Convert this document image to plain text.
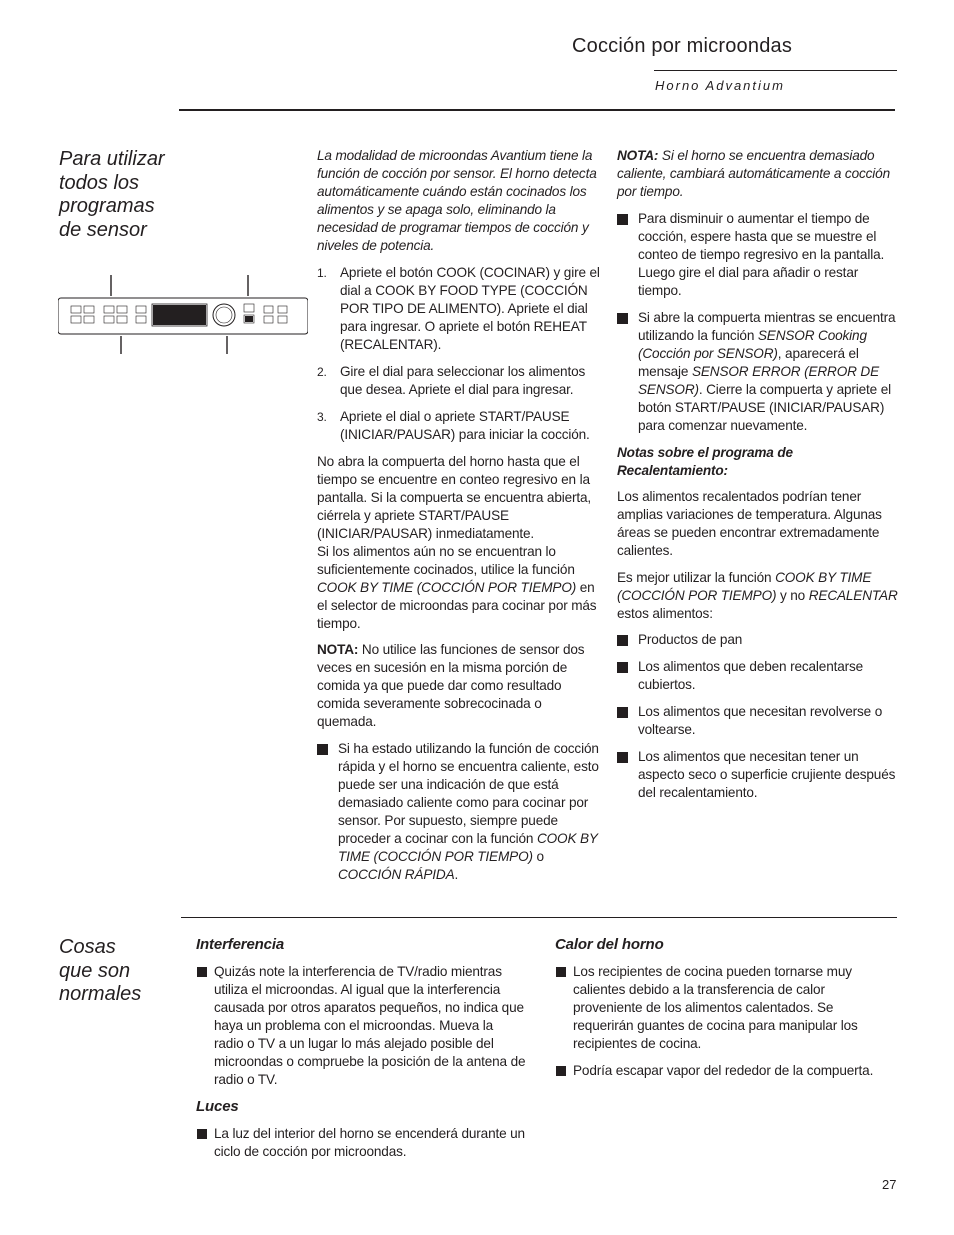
Cocción por microondas
Horno Advantium
Para utilizar
todos los
programas
de sensor

La modalidad de microondas Avantium tiene la función de cocción por sensor. El horno detecta automáticamente cuándo están cocinados los alimentos y se apaga solo, eliminando la necesidad de programar tiempos de cocción y niveles de potencia.

1. Apriete el botón COOK (COCINAR) y gire el dial a COOK BY FOOD TYPE (COCCIÓN POR TIPO DE ALIMENTO). Apriete el dial para ingresar. O apriete el botón REHEAT (RECALENTAR).
2. Gire el dial para seleccionar los alimentos que desea. Apriete el dial para ingresar.
3. Apriete el dial o apriete START/PAUSE (INICIAR/PAUSAR) para iniciar la cocción.

No abra la compuerta del horno hasta que el tiempo se encuentre en conteo regresivo en la pantalla. Si la compuerta se encuentra abierta, ciérrela y apriete START/PAUSE (INICIAR/PAUSAR) inmediatamente.
Si los alimentos aún no se encuentran lo suficientemente cocinados, utilice la función COOK BY TIME (COCCIÓN POR TIEMPO) en el selector de microondas para cocinar por más tiempo.

NOTA: No utilice las funciones de sensor dos veces en sucesión en la misma porción de comida ya que puede dar como resultado comida severamente sobrecocinada o quemada.

Si ha estado utilizando la función de cocción rápida y el horno se encuentra caliente, esto puede ser una indicación de que está demasiado caliente como para cocinar por sensor. Por supuesto, siempre puede proceder a cocinar con la función COOK BY TIME (COCCIÓN POR TIEMPO) o COCCIÓN RÁPIDA.

NOTA: Si el horno se encuentra demasiado caliente, cambiará automáticamente a cocción por tiempo.

Para disminuir o aumentar el tiempo de cocción, espere hasta que se muestre el conteo de tiempo regresivo en la pantalla. Luego gire el dial para añadir o restar tiempo.
Si abre la compuerta mientras se encuentra utilizando la función SENSOR Cooking (Cocción por SENSOR), aparecerá el mensaje SENSOR ERROR (ERROR DE SENSOR). Cierre la compuerta y apriete el botón START/PAUSE (INICIAR/PAUSAR) para comenzar nuevamente.

Notas sobre el programa de Recalentamiento:

Los alimentos recalentados podrían tener amplias variaciones de temperatura. Algunas áreas se pueden encontrar extremadamente calientes.

Es mejor utilizar la función COOK BY TIME (COCCIÓN POR TIEMPO) y no RECALENTAR estos alimentos:

Productos de pan
Los alimentos que deben recalentarse cubiertos.
Los alimentos que necesitan revolverse o voltearse.
Los alimentos que necesitan tener un aspecto seco o superficie crujiente después del recalentamiento.
Cosas
que son
normales
Interferencia
Quizás note la interferencia de TV/radio mientras utiliza el microondas. Al igual que la interferencia causada por otros aparatos pequeños, no indica que haya un problema con el microondas. Mueva la radio o TV a un lugar lo más alejado posible del microondas o compruebe la posición de la antena de radio o TV.
Luces
La luz del interior del horno se encenderá durante un ciclo de cocción por microondas.
Calor del horno
Los recipientes de cocina pueden tornarse muy calientes debido a la transferencia de calor proveniente de los alimentos calentados. Se requerirán guantes de cocina para manipular los recipientes de cocina.
Podría escapar vapor del rededor de la compuerta.
27
